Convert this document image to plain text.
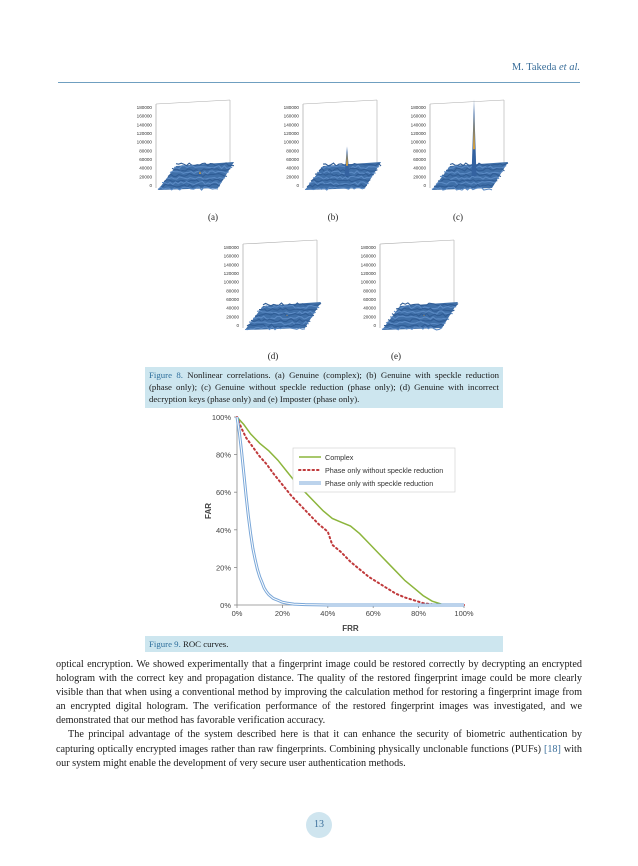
M. Takeda et al.
180000
160000
140000
120000
100000
80000
60000
40000
20000
0
180000
160000
140000
120000
100000
80000
60000
40000
20000
0
180000
160000
140000
120000
100000
80000
60000
40000
20000
0
180000
160000
140000
120000
100000
80000
60000
40000
20000
0
180000
160000
140000
120000
100000
80000
60000
40000
20000
0
(a)	(b)	(c)
(d)	(e)
Figure 8. Nonlinear correlations. (a) Genuine (complex); (b) Genuine with speckle reduction (phase only); (c) Genuine without speckle reduction (phase only); (d) Genuine with incorrect decryption keys (phase only) and (e) Imposter (phase only).
0%
20%
40%
60%
80%
100%
0%	20%	40%	60%	80%	100%
FRR
FAR
Complex
Phase only without speckle reduction
Phase only with speckle reduction
Figure 9. ROC curves.

optical encryption. We showed experimentally that a fingerprint image could be restored correctly by decrypting an encrypted hologram with the correct key and propagation distance. The quality of the restored fingerprint image could be more clearly visible than that when using a conventional method by improving the calculation method for restoring a fingerprint image from an encrypted digital hologram. The verification performance of the restored fingerprint images was investigated, and we demonstrated that our method has favorable verification accuracy.

The principal advantage of the system described here is that it can enhance the security of biometric authentication by capturing optically encrypted images rather than raw fingerprints. Combining physically unclonable functions (PUFs) [18] with our system might enable the development of very secure user authentication methods.

13
